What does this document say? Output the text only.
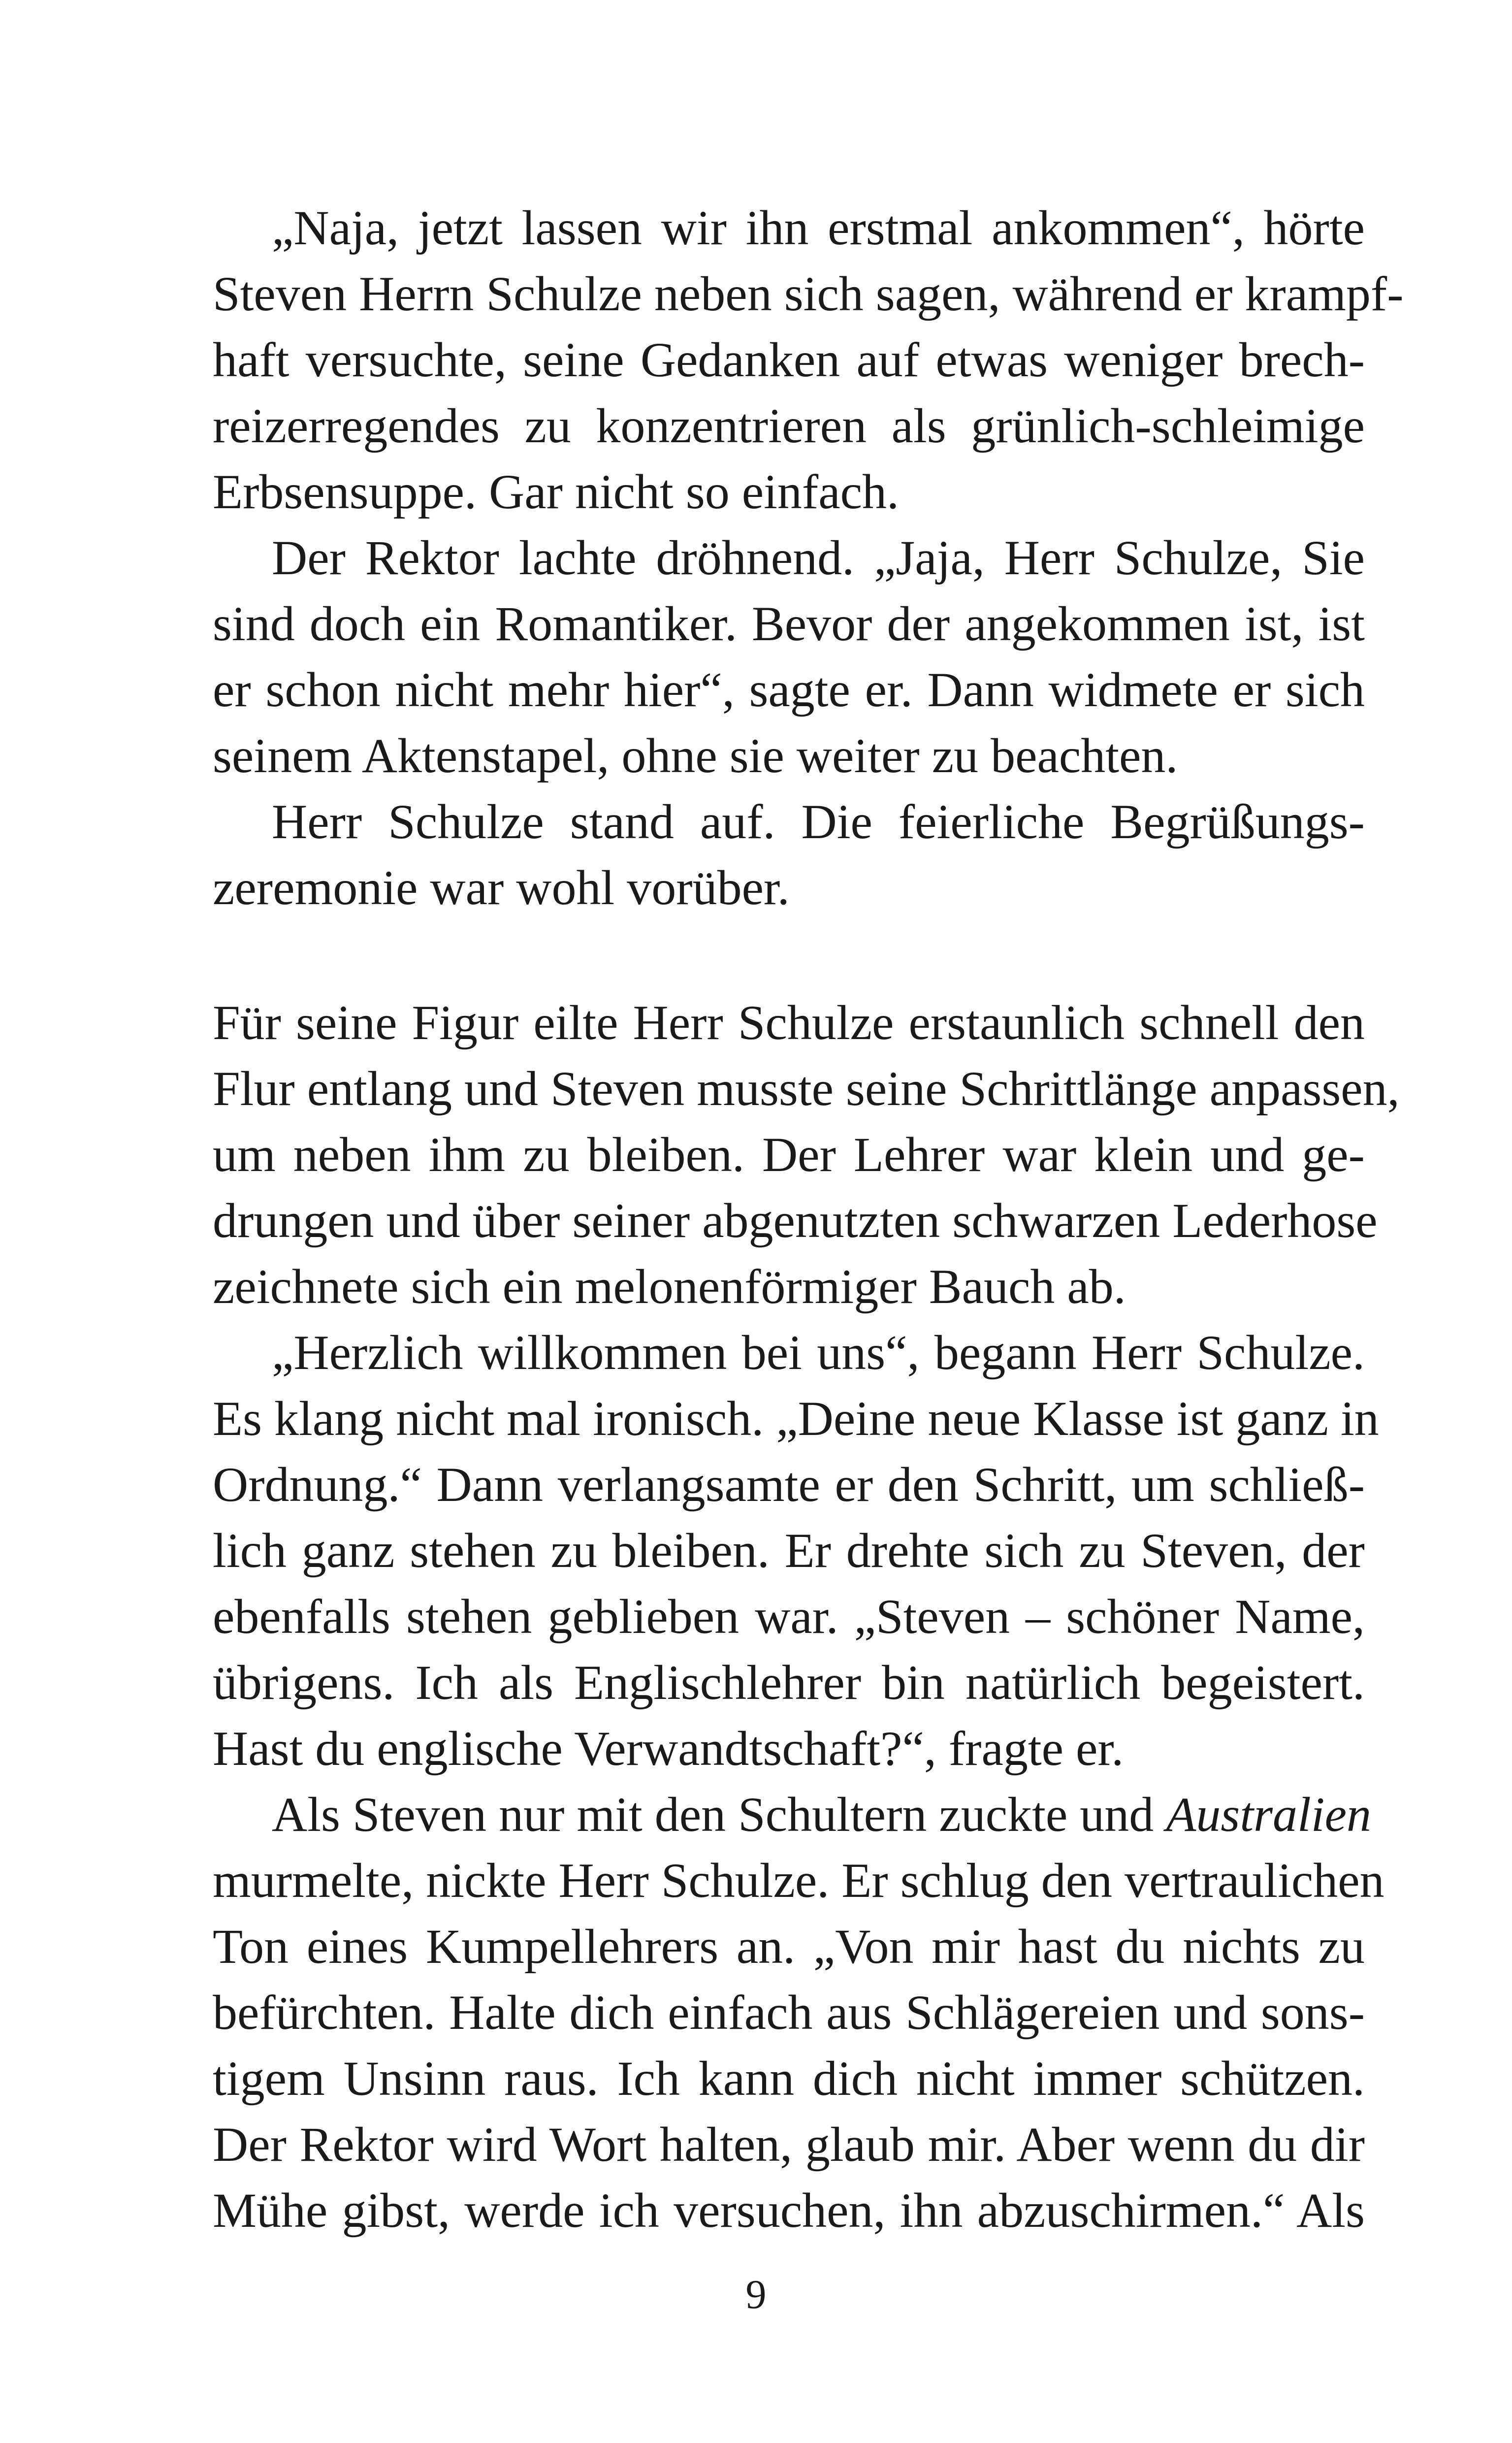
„Naja, jetzt lassen wir ihn erstmal ankommen“, hörte
Steven Herrn Schulze neben sich sagen, während er krampf-
haft versuchte, seine Gedanken auf etwas weniger brech-
reizerregendes zu konzentrieren als grünlich-schleimige
Erbsensuppe. Gar nicht so einfach.
Der Rektor lachte dröhnend. „Jaja, Herr Schulze, Sie
sind doch ein Romantiker. Bevor der angekommen ist, ist
er schon nicht mehr hier“, sagte er. Dann widmete er sich
seinem Aktenstapel, ohne sie weiter zu beachten.
Herr Schulze stand auf. Die feierliche Begrüßungs-
zeremonie war wohl vorüber.
Für seine Figur eilte Herr Schulze erstaunlich schnell den
Flur entlang und Steven musste seine Schrittlänge anpassen,
um neben ihm zu bleiben. Der Lehrer war klein und ge-
drungen und über seiner abgenutzten schwarzen Lederhose
zeichnete sich ein melonenförmiger Bauch ab.
„Herzlich willkommen bei uns“, begann Herr Schulze.
Es klang nicht mal ironisch. „Deine neue Klasse ist ganz in
Ordnung.“ Dann verlangsamte er den Schritt, um schließ-
lich ganz stehen zu bleiben. Er drehte sich zu Steven, der
ebenfalls stehen geblieben war. „Steven – schöner Name,
übrigens. Ich als Englischlehrer bin natürlich begeistert.
Hast du englische Verwandtschaft?“, fragte er.
Als Steven nur mit den Schultern zuckte und Australien
murmelte, nickte Herr Schulze. Er schlug den vertraulichen
Ton eines Kumpellehrers an. „Von mir hast du nichts zu
befürchten. Halte dich einfach aus Schlägereien und sons-
tigem Unsinn raus. Ich kann dich nicht immer schützen.
Der Rektor wird Wort halten, glaub mir. Aber wenn du dir
Mühe gibst, werde ich versuchen, ihn abzuschirmen.“ Als
9
